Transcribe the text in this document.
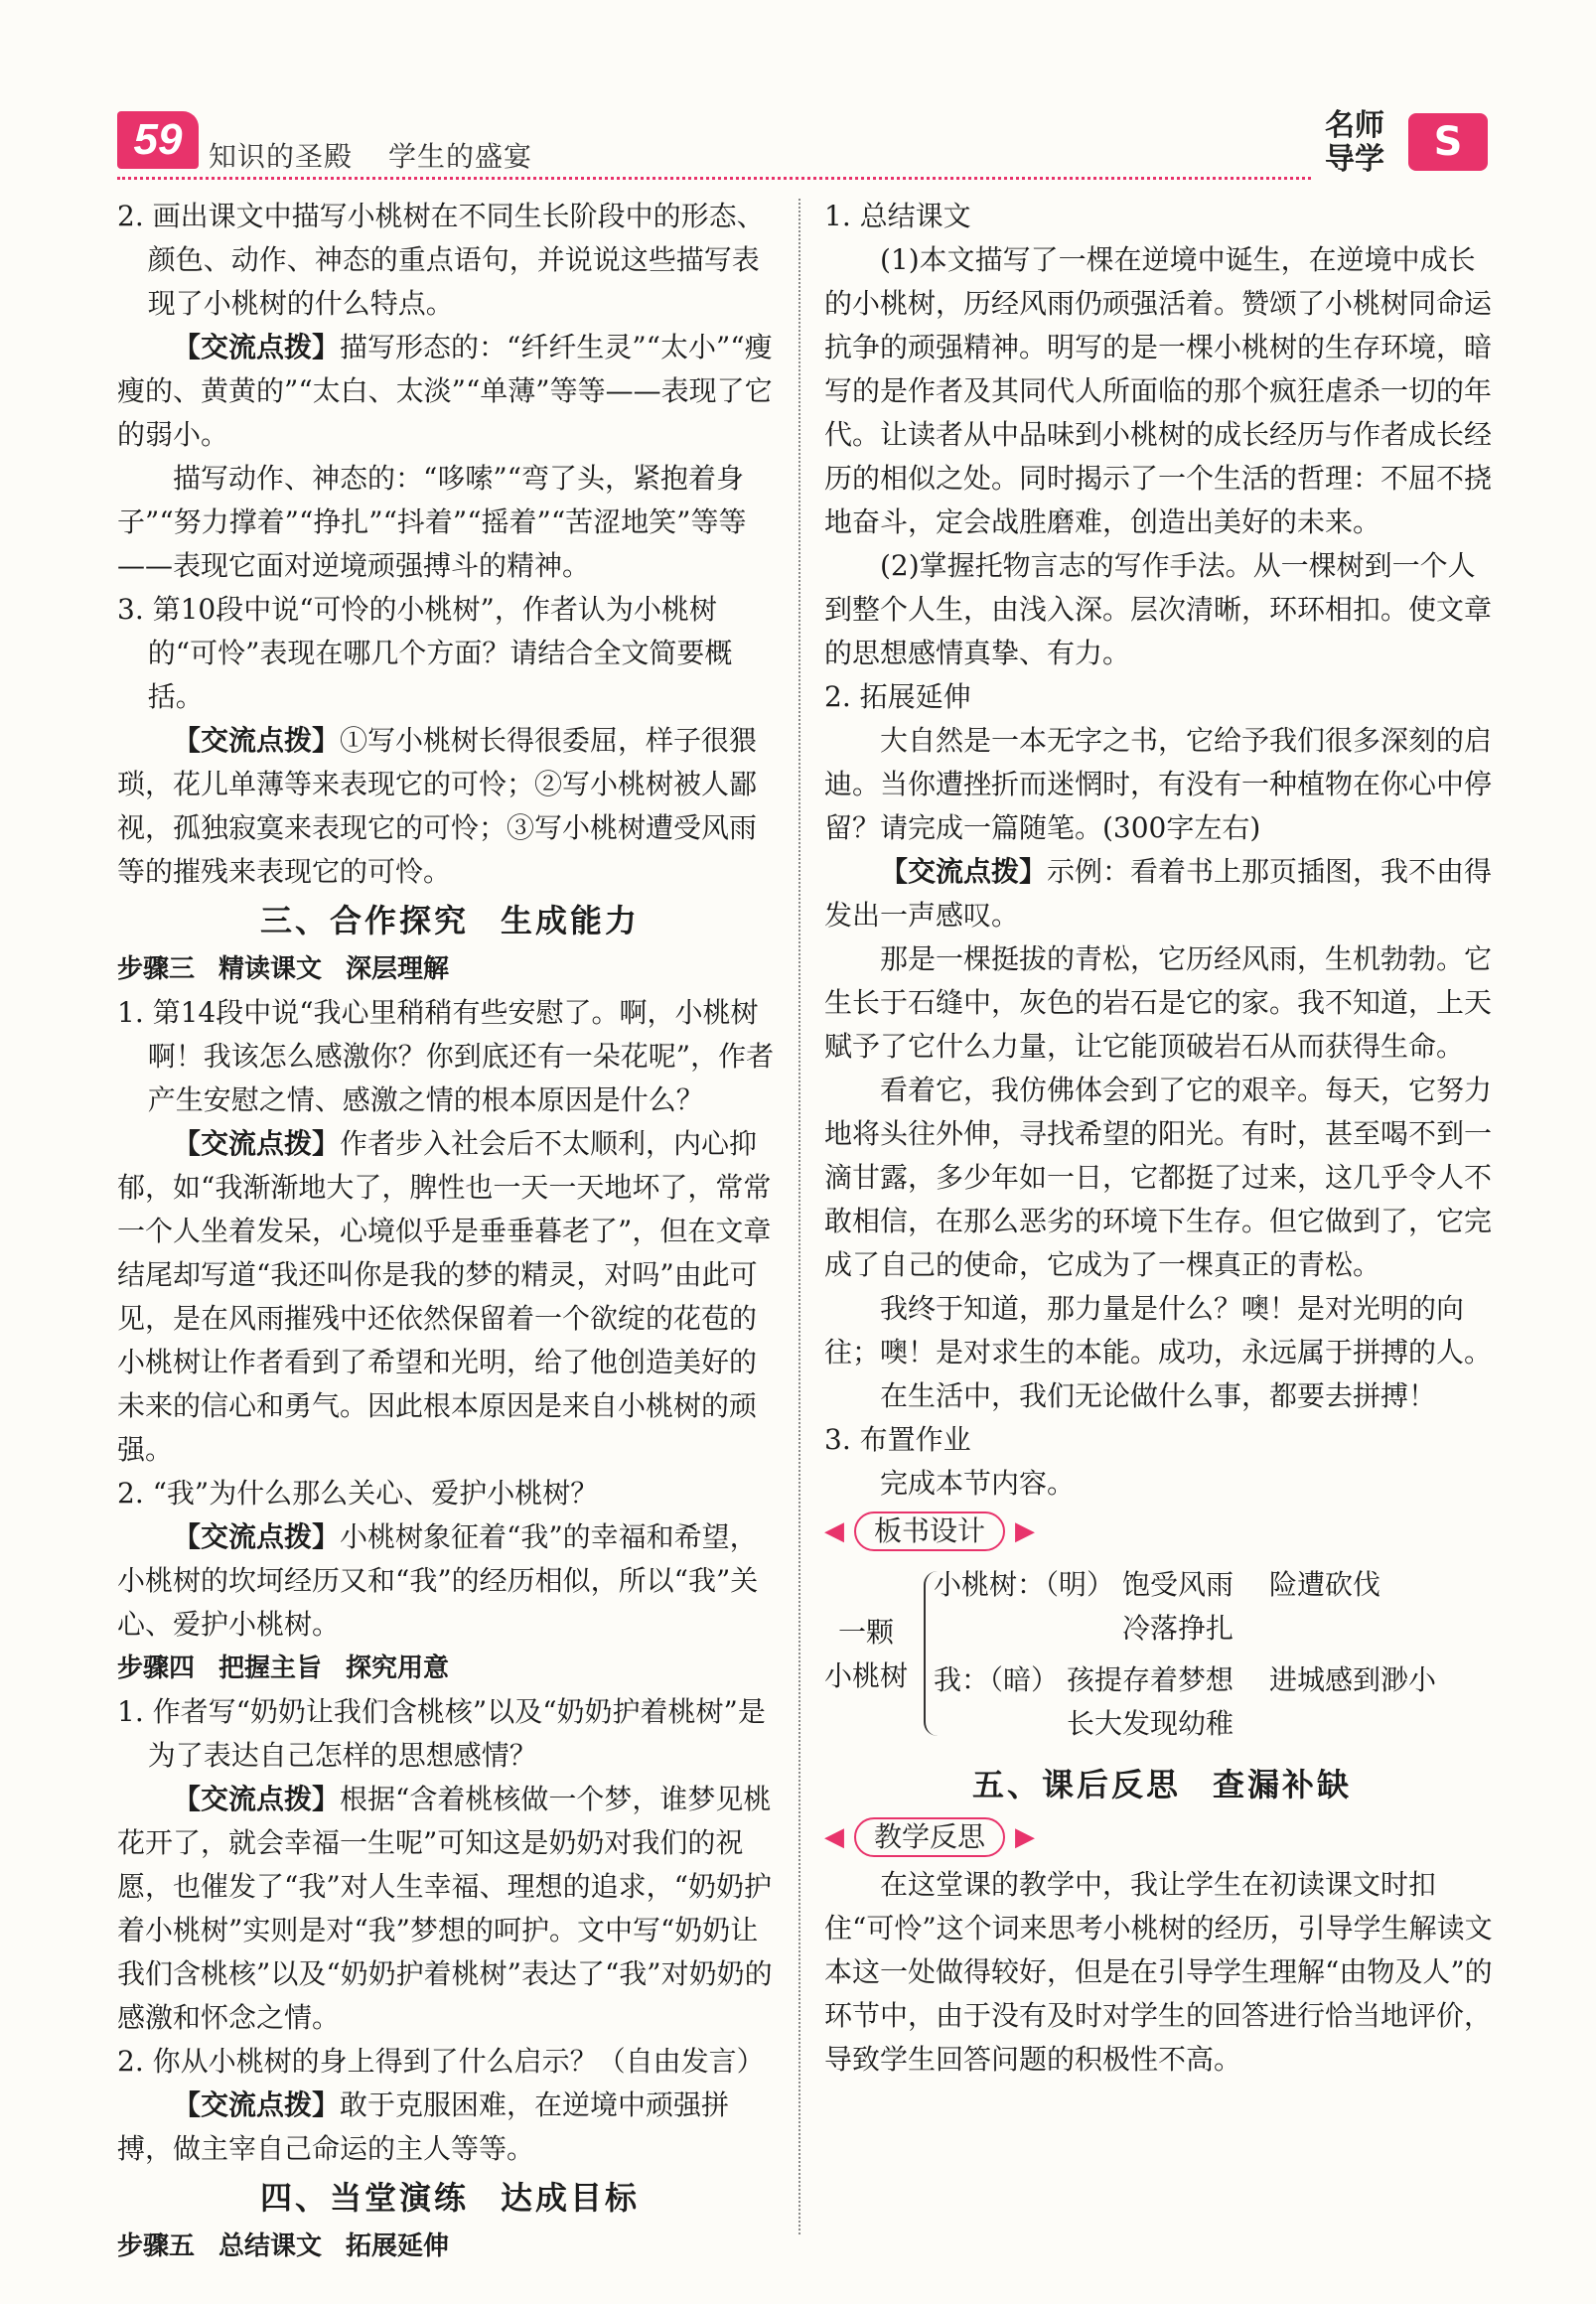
59 知识的圣殿 学生的盛宴
名师
导学	S

2. 画出课文中描写小桃树在不同生长阶段中的形态、颜色、动作、神态的重点语句，并说说这些描写表现了小桃树的什么特点。

【交流点拨】描写形态的：“纤纤生灵”“太小”“瘦瘦的、黄黄的”“太白、太淡”“单薄”等等——表现了它的弱小。

描写动作、神态的：“哆嗦”“弯了头，紧抱着身子”“努力撑着”“挣扎”“抖着”“摇着”“苦涩地笑”等等——表现它面对逆境顽强搏斗的精神。

3. 第10段中说“可怜的小桃树”，作者认为小桃树的“可怜”表现在哪几个方面？请结合全文简要概括。

【交流点拨】①写小桃树长得很委屈，样子很猥琐，花儿单薄等来表现它的可怜；②写小桃树被人鄙视，孤独寂寞来表现它的可怜；③写小桃树遭受风雨等的摧残来表现它的可怜。

三、合作探究 生成能力
步骤三 精读课文 深层理解

1. 第14段中说“我心里稍稍有些安慰了。啊，小桃树啊！我该怎么感激你？你到底还有一朵花呢”，作者产生安慰之情、感激之情的根本原因是什么？

【交流点拨】作者步入社会后不太顺利，内心抑郁，如“我渐渐地大了，脾性也一天一天地坏了，常常一个人坐着发呆，心境似乎是垂垂暮老了”，但在文章结尾却写道“我还叫你是我的梦的精灵，对吗”由此可见，是在风雨摧残中还依然保留着一个欲绽的花苞的小桃树让作者看到了希望和光明，给了他创造美好的未来的信心和勇气。因此根本原因是来自小桃树的顽强。

2. “我”为什么那么关心、爱护小桃树？

【交流点拨】小桃树象征着“我”的幸福和希望，小桃树的坎坷经历又和“我”的经历相似，所以“我”关心、爱护小桃树。

步骤四 把握主旨 探究用意

1. 作者写“奶奶让我们含桃核”以及“奶奶护着桃树”是为了表达自己怎样的思想感情？

【交流点拨】根据“含着桃核做一个梦，谁梦见桃花开了，就会幸福一生呢”可知这是奶奶对我们的祝愿，也催发了“我”对人生幸福、理想的追求，“奶奶护着小桃树”实则是对“我”梦想的呵护。文中写“奶奶让我们含桃核”以及“奶奶护着桃树”表达了“我”对奶奶的感激和怀念之情。

2. 你从小桃树的身上得到了什么启示？（自由发言）

【交流点拨】敢于克服困难，在逆境中顽强拼搏，做主宰自己命运的主人等等。

四、当堂演练 达成目标
步骤五 总结课文 拓展延伸

1. 总结课文

(1)本文描写了一棵在逆境中诞生，在逆境中成长的小桃树，历经风雨仍顽强活着。赞颂了小桃树同命运抗争的顽强精神。明写的是一棵小桃树的生存环境，暗写的是作者及其同代人所面临的那个疯狂虐杀一切的年代。让读者从中品味到小桃树的成长经历与作者成长经历的相似之处。同时揭示了一个生活的哲理：不屈不挠地奋斗，定会战胜磨难，创造出美好的未来。

(2)掌握托物言志的写作手法。从一棵树到一个人到整个人生，由浅入深。层次清晰，环环相扣。使文章的思想感情真挚、有力。

2. 拓展延伸

大自然是一本无字之书，它给予我们很多深刻的启迪。当你遭挫折而迷惘时，有没有一种植物在你心中停留？请完成一篇随笔。(300字左右)

【交流点拨】示例：看着书上那页插图，我不由得发出一声感叹。

那是一棵挺拔的青松，它历经风雨，生机勃勃。它生长于石缝中，灰色的岩石是它的家。我不知道，上天赋予了它什么力量，让它能顶破岩石从而获得生命。

看着它，我仿佛体会到了它的艰辛。每天，它努力地将头往外伸，寻找希望的阳光。有时，甚至喝不到一滴甘露，多少年如一日，它都挺了过来，这几乎令人不敢相信，在那么恶劣的环境下生存。但它做到了，它完成了自己的使命，它成为了一棵真正的青松。

我终于知道，那力量是什么？噢！是对光明的向往；噢！是对求生的本能。成功，永远属于拼搏的人。

在生活中，我们无论做什么事，都要去拼搏！

3. 布置作业

完成本节内容。

◀	板书设计	▶
一颗
小桃树
小桃树：（明） 饱受风雨 险遭砍伐
冷落挣扎
我：（暗） 孩提存着梦想 进城感到渺小
长大发现幼稚
五、课后反思 查漏补缺
◀	教学反思	▶

在这堂课的教学中，我让学生在初读课文时扣住“可怜”这个词来思考小桃树的经历，引导学生解读文本这一处做得较好，但是在引导学生理解“由物及人”的环节中，由于没有及时对学生的回答进行恰当地评价，导致学生回答问题的积极性不高。
